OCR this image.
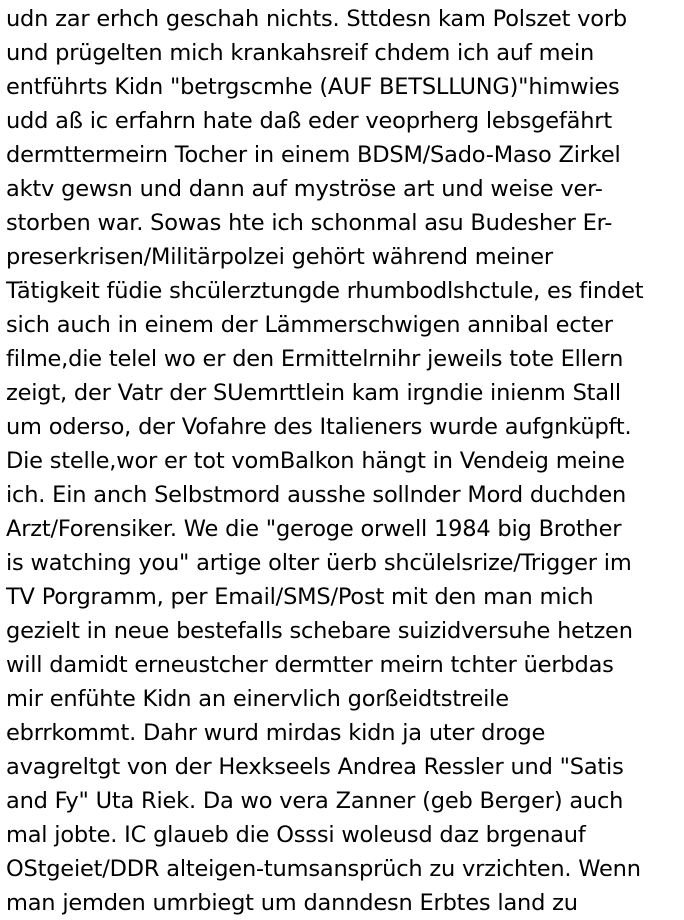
udn zar erhch geschah nichts. Sttdesn kam Polszet vorb
und prügelten mich krankahsreif chdem ich auf mein
entführts Kidn "betrgscmhe (AUF BETSLLUNG)"himwies
udd aß ic erfahrn hate daß eder veoprherg lebsgefährt
dermttermeirn Tocher in einem BDSM/Sado-Maso Zirkel
aktv gewsn und dann auf myströse art und weise ver-
storben war. Sowas hte ich schonmal asu Budesher Er-
preserkrisen/Militärpolzei gehört während meiner
Tätigkeit füdie shcülerztungde rhumbodlshctule, es findet
sich auch in einem der Lämmerschwigen annibal ecter
filme,die telel wo er den Ermittelrnihr jeweils tote Ellern
zeigt, der Vatr der SUemrttlein kam irgndie inienm Stall
um oderso, der Vofahre des Italieners wurde aufgnküpft.
Die stelle,wor er tot vomBalkon hängt in Vendeig meine
ich. Ein anch Selbstmord ausshe sollnder Mord duchden
Arzt/Forensiker. We die "geroge orwell 1984 big Brother
is watching you" artige olter üerb shcülelsrize/Trigger im
TV Porgramm, per Email/SMS/Post mit den man mich
gezielt in neue bestefalls schebare suizidversuhe hetzen
will damidt erneustcher dermtter meirn tchter üerbdas
mir enfühte Kidn an einervlich gorßeidtstreile
ebrrkommt. Dahr wurd mirdas kidn ja uter droge
avagreltgt von der Hexkseels Andrea Ressler und "Satis
and Fy" Uta Riek. Da wo vera Zanner (geb Berger) auch
mal jobte. IC glaueb die Osssi woleusd daz brgenauf
OStgeiet/DDR alteigen-tumsansprüch zu vrzichten. Wenn
man jemden umrbiegt um danndesn Erbtes land zu
